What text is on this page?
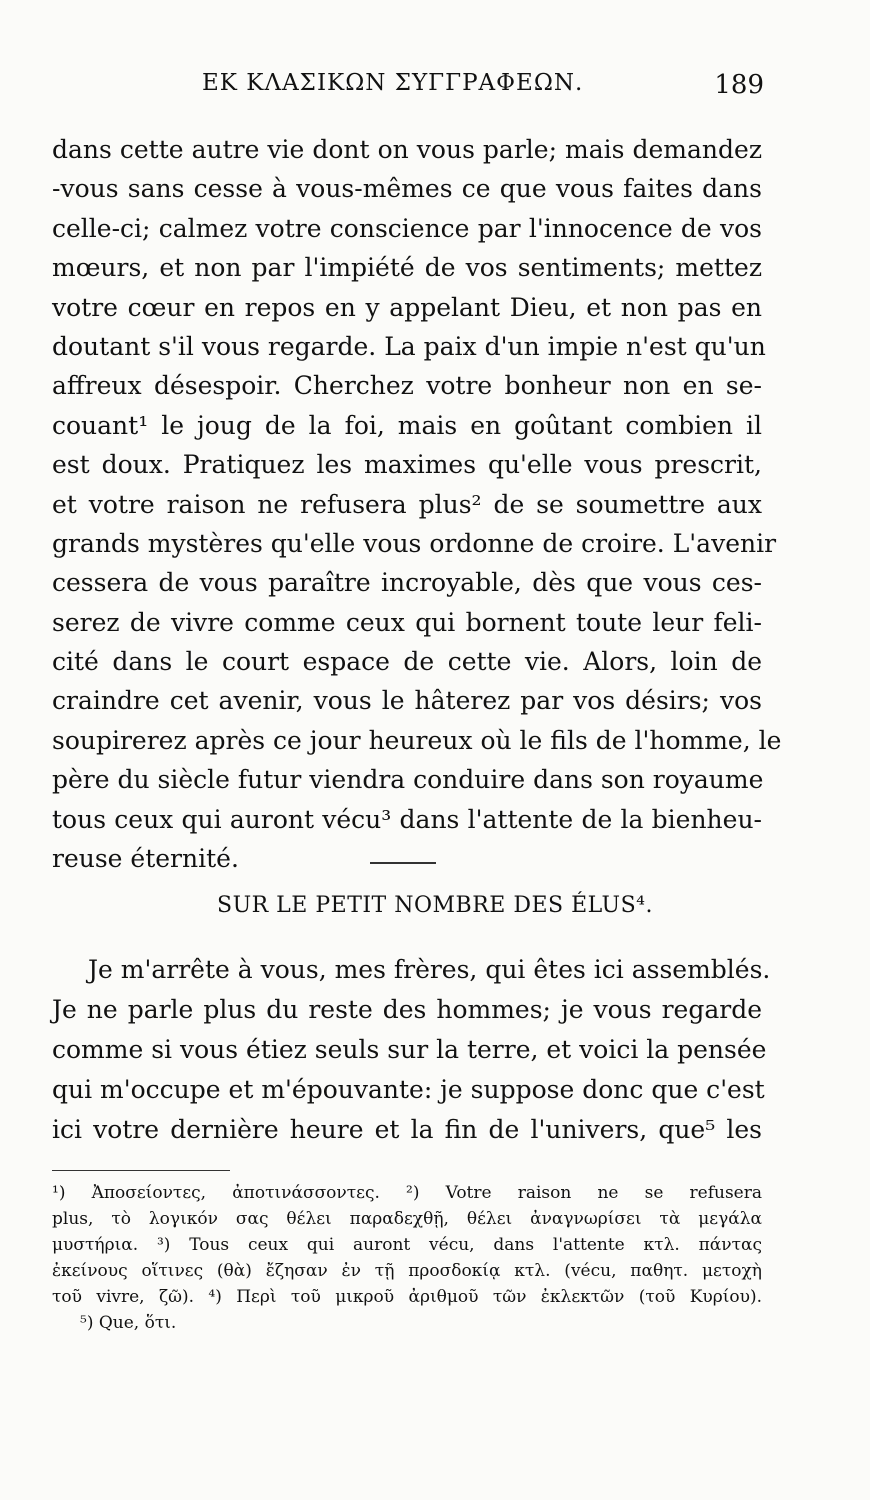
ΕΚ ΚΛΑΣΙΚΩΝ ΣΥΓΓΡΑΦΕΩΝ.	189
dans cette autre vie dont on vous parle; mais demandez
-vous sans cesse à vous-mêmes ce que vous faites dans
celle-ci; calmez votre conscience par l'innocence de vos
mœurs, et non par l'impiété de vos sentiments; mettez
votre cœur en repos en y appelant Dieu, et non pas en
doutant s'il vous regarde. La paix d'un impie n'est qu'un
affreux désespoir. Cherchez votre bonheur non en se-
couant¹ le joug de la foi, mais en goûtant combien il
est doux. Pratiquez les maximes qu'elle vous prescrit,
et votre raison ne refusera plus² de se soumettre aux
grands mystères qu'elle vous ordonne de croire. L'avenir
cessera de vous paraître incroyable, dès que vous ces-
serez de vivre comme ceux qui bornent toute leur feli-
cité dans le court espace de cette vie. Alors, loin de
craindre cet avenir, vous le hâterez par vos désirs; vos
soupirerez après ce jour heureux où le fils de l'homme, le
père du siècle futur viendra conduire dans son royaume
tous ceux qui auront vécu³ dans l'attente de la bienheu-
reuse éternité.
SUR LE PETIT NOMBRE DES ÉLUS⁴.
Je m'arrête à vous, mes frères, qui êtes ici assemblés.
Je ne parle plus du reste des hommes; je vous regarde
comme si vous étiez seuls sur la terre, et voici la pensée
qui m'occupe et m'épouvante: je suppose donc que c'est
ici votre dernière heure et la fin de l'univers, que⁵ les
¹) Ἀποσείοντες, ἀποτινάσσοντες. ²) Votre raison ne se refusera
plus, τὸ λογικόν σας θέλει παραδεχθῇ, θέλει ἀναγνωρίσει τὰ μεγάλα
μυστήρια. ³) Tous ceux qui auront vécu, dans l'attente κτλ. πάντας
ἐκείνους οἵτινες (θὰ) ἔζησαν ἐν τῇ προσδοκίᾳ κτλ. (vécu, παθητ. μετοχὴ
τοῦ vivre, ζῶ). ⁴) Περὶ τοῦ μικροῦ ἀριθμοῦ τῶν ἐκλεκτῶν (τοῦ Κυρίου).
⁵) Que, ὅτι.
